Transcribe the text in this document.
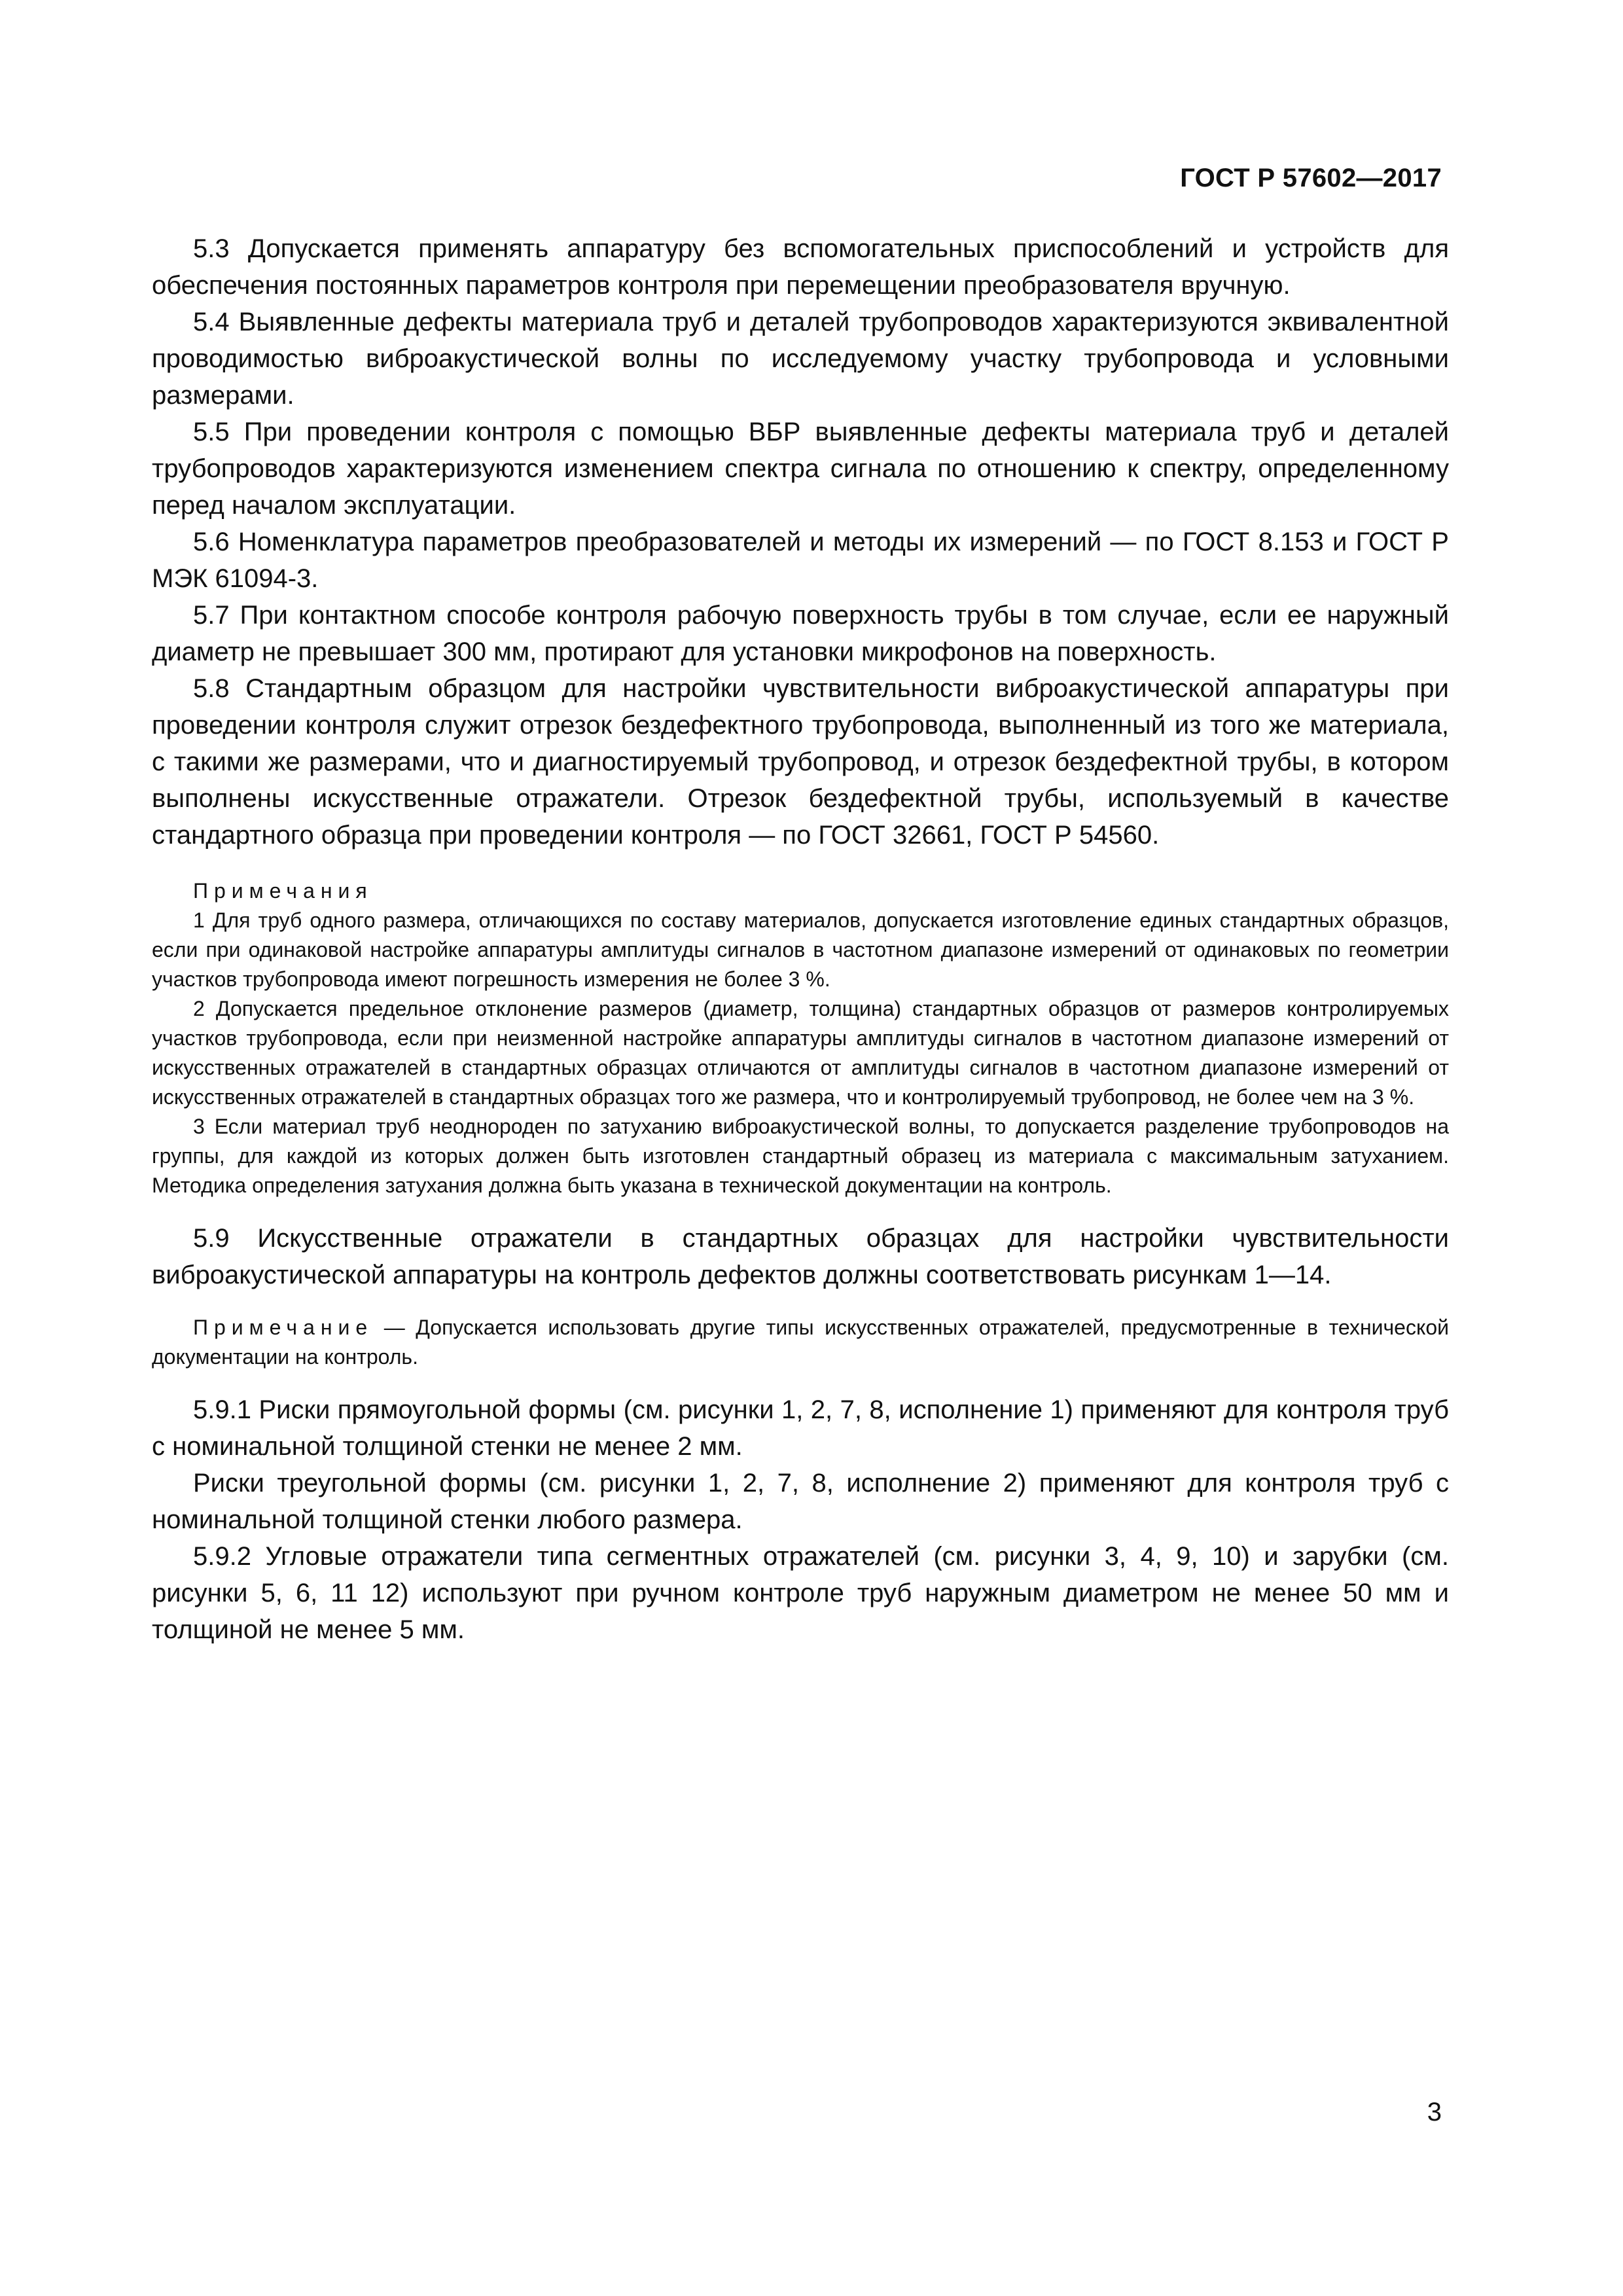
ГОСТ Р 57602—2017

5.3 Допускается применять аппаратуру без вспомогательных приспособлений и устройств для обеспечения постоянных параметров контроля при перемещении преобразователя вручную.

5.4 Выявленные дефекты материала труб и деталей трубопроводов характеризуются эквивалентной проводимостью виброакустической волны по исследуемому участку трубопровода и условными размерами.

5.5 При проведении контроля с помощью ВБР выявленные дефекты материала труб и деталей трубопроводов характеризуются изменением спектра сигнала по отношению к спектру, определенному перед началом эксплуатации.

5.6 Номенклатура параметров преобразователей и методы их измерений — по ГОСТ 8.153 и ГОСТ Р МЭК 61094-3.

5.7 При контактном способе контроля рабочую поверхность трубы в том случае, если ее наружный диаметр не превышает 300 мм, протирают для установки микрофонов на поверхность.

5.8 Стандартным образцом для настройки чувствительности виброакустической аппаратуры при проведении контроля служит отрезок бездефектного трубопровода, выполненный из того же материала, с такими же размерами, что и диагностируемый трубопровод, и отрезок бездефектной трубы, в котором выполнены искусственные отражатели. Отрезок бездефектной трубы, используемый в качестве стандартного образца при проведении контроля — по ГОСТ 32661, ГОСТ Р 54560.

Примечания

1 Для труб одного размера, отличающихся по составу материалов, допускается изготовление единых стандартных образцов, если при одинаковой настройке аппаратуры амплитуды сигналов в частотном диапазоне измерений от одинаковых по геометрии участков трубопровода имеют погрешность измерения не более 3 %.

2 Допускается предельное отклонение размеров (диаметр, толщина) стандартных образцов от размеров контролируемых участков трубопровода, если при неизменной настройке аппаратуры амплитуды сигналов в частотном диапазоне измерений от искусственных отражателей в стандартных образцах отличаются от амплитуды сигналов в частотном диапазоне измерений от искусственных отражателей в стандартных образцах того же размера, что и контролируемый трубопровод, не более чем на 3 %.

3 Если материал труб неоднороден по затуханию виброакустической волны, то допускается разделение трубопроводов на группы, для каждой из которых должен быть изготовлен стандартный образец из материала с максимальным затуханием. Методика определения затухания должна быть указана в технической документации на контроль.

5.9 Искусственные отражатели в стандартных образцах для настройки чувствительности виброакустической аппаратуры на контроль дефектов должны соответствовать рисункам 1—14.

Примечание — Допускается использовать другие типы искусственных отражателей, предусмотренные в технической документации на контроль.

5.9.1 Риски прямоугольной формы (см. рисунки 1, 2, 7, 8, исполнение 1) применяют для контроля труб с номинальной толщиной стенки не менее 2 мм.

Риски треугольной формы (см. рисунки 1, 2, 7, 8, исполнение 2) применяют для контроля труб с номинальной толщиной стенки любого размера.

5.9.2 Угловые отражатели типа сегментных отражателей (см. рисунки 3, 4, 9, 10) и зарубки (см. рисунки 5, 6, 11 12) используют при ручном контроле труб наружным диаметром не менее 50 мм и толщиной не менее 5 мм.

3
